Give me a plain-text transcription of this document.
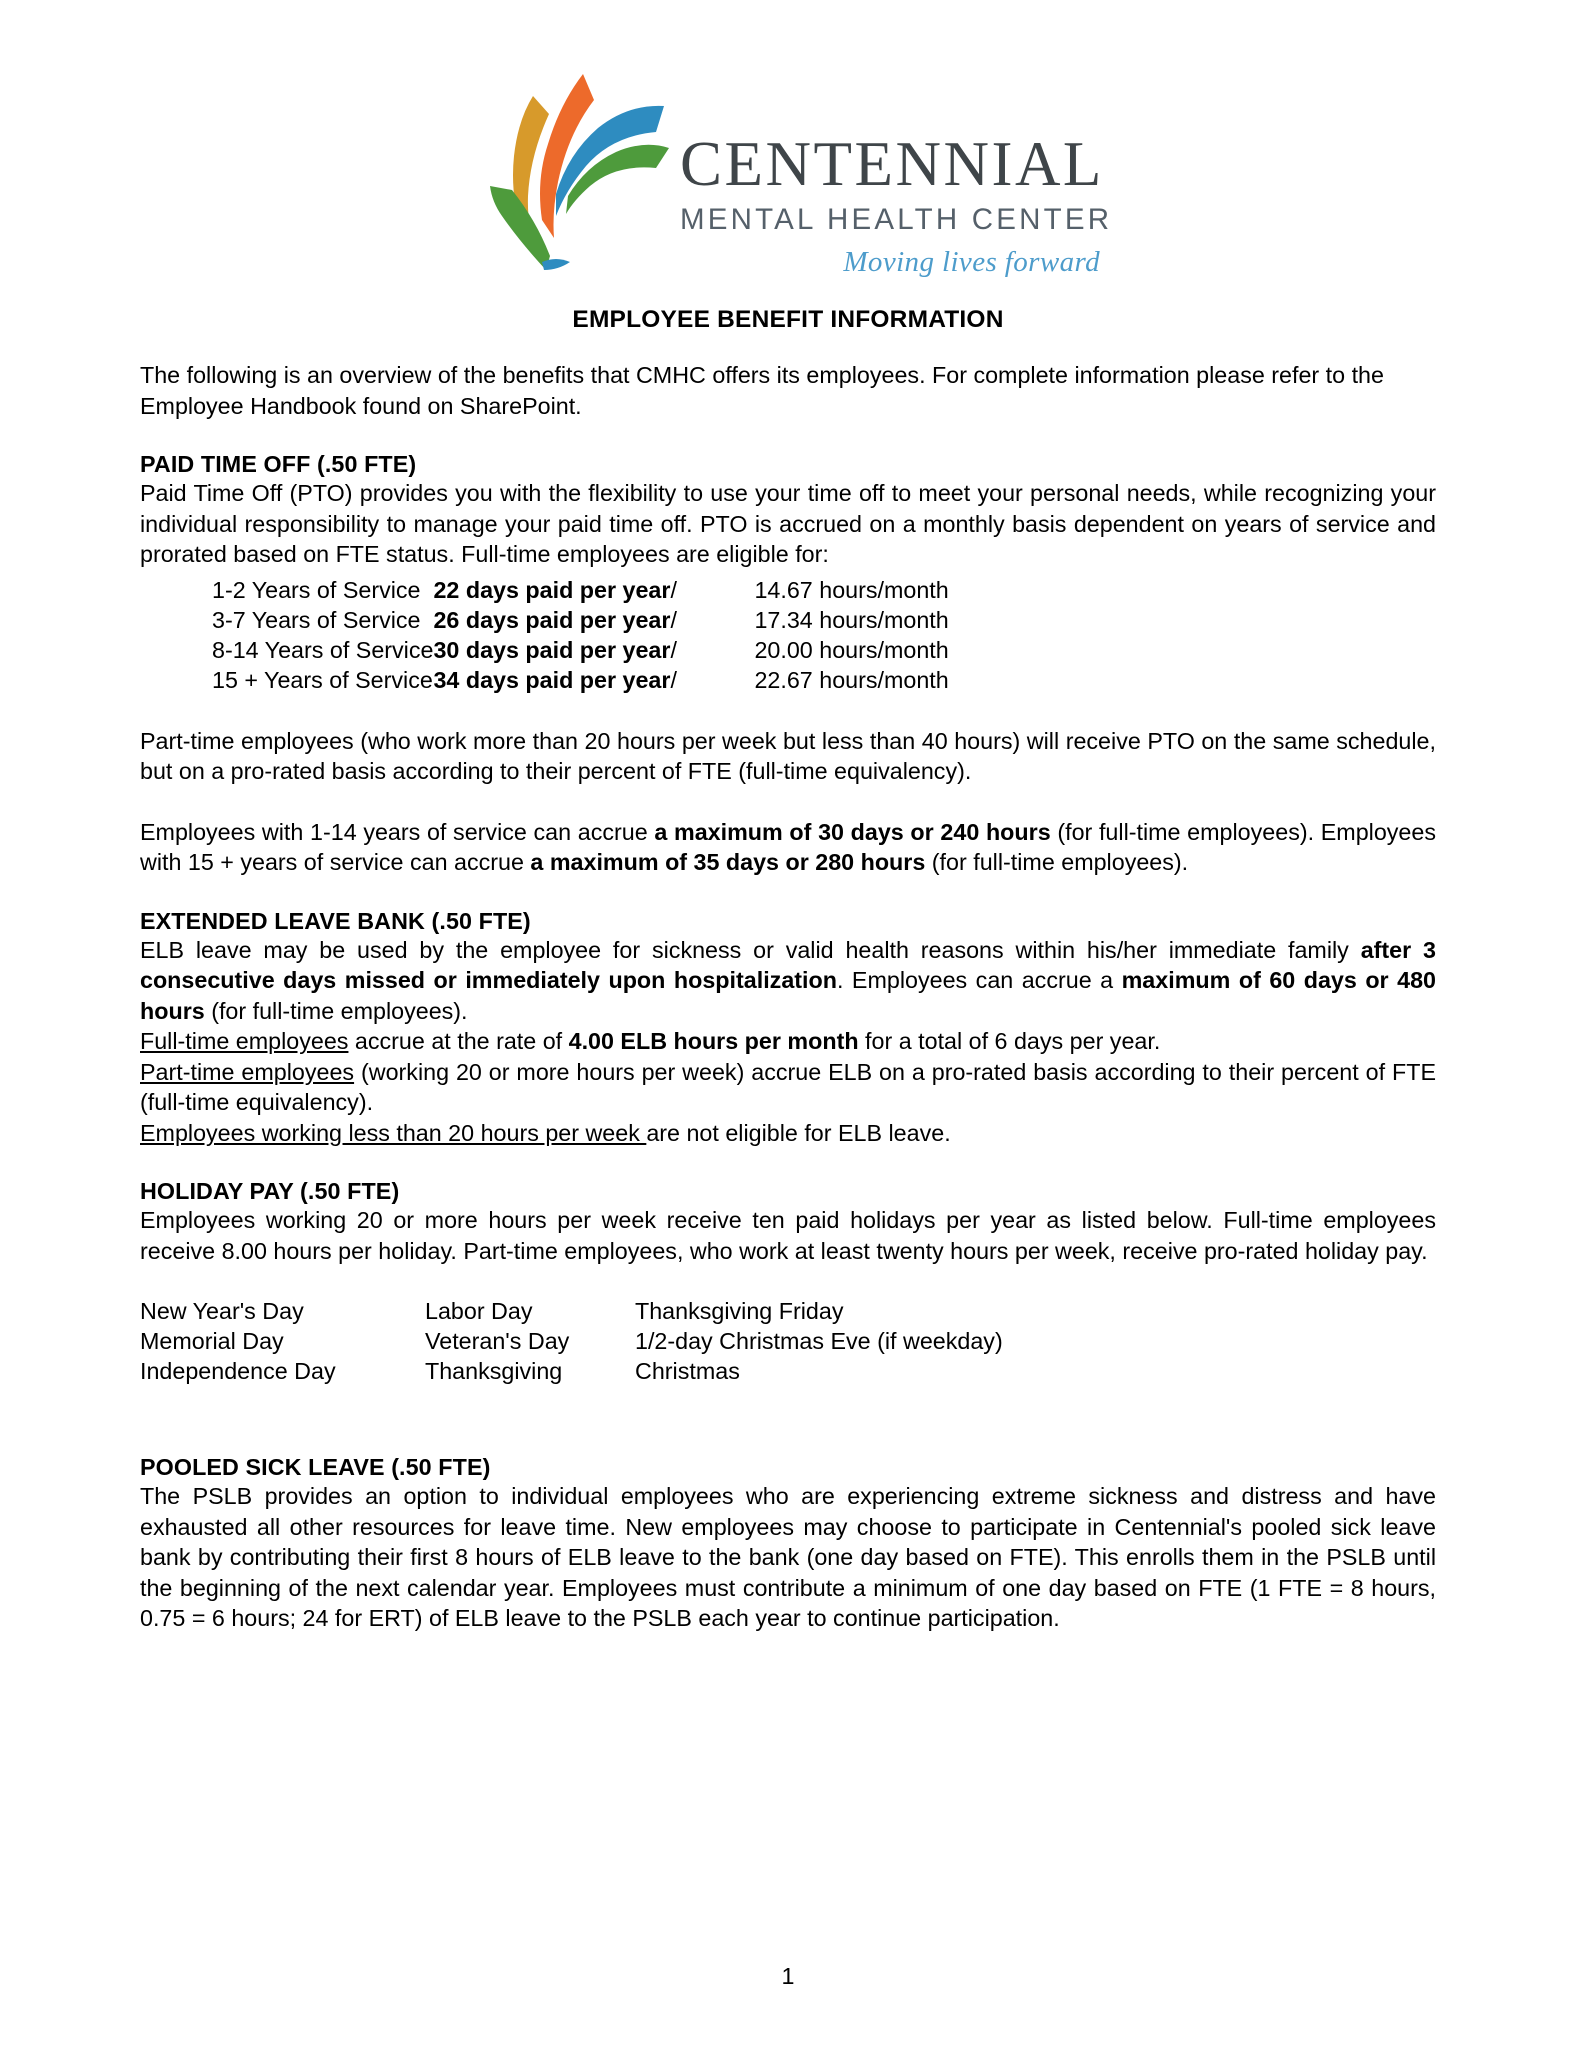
CENTENNIAL
MENTAL HEALTH CENTER
Moving lives forward
EMPLOYEE BENEFIT INFORMATION

The following is an overview of the benefits that CMHC offers its employees. For complete information please refer to the Employee Handbook found on SharePoint.

PAID TIME OFF (.50 FTE)

Paid Time Off (PTO) provides you with the flexibility to use your time off to meet your personal needs, while recognizing your individual responsibility to manage your paid time off. PTO is accrued on a monthly basis dependent on years of service and prorated based on FTE status. Full-time employees are eligible for:

1-2 Years of Service	22 days paid per year	/	14.67 hours/month
3-7 Years of Service	26 days paid per year	/	17.34 hours/month
8-14 Years of Service	30 days paid per year	/	20.00 hours/month
15 + Years of Service	34 days paid per year	/	22.67 hours/month

Part-time employees (who work more than 20 hours per week but less than 40 hours) will receive PTO on the same schedule, but on a pro-rated basis according to their percent of FTE (full-time equivalency).

Employees with 1-14 years of service can accrue a maximum of 30 days or 240 hours (for full-time employees). Employees with 15 + years of service can accrue a maximum of 35 days or 280 hours (for full-time employees).

EXTENDED LEAVE BANK (.50 FTE)

ELB leave may be used by the employee for sickness or valid health reasons within his/her immediate family after 3 consecutive days missed or immediately upon hospitalization. Employees can accrue a maximum of 60 days or 480 hours (for full-time employees).

Full-time employees accrue at the rate of 4.00 ELB hours per month for a total of 6 days per year.

Part-time employees (working 20 or more hours per week) accrue ELB on a pro-rated basis according to their percent of FTE (full-time equivalency).

Employees working less than 20 hours per week are not eligible for ELB leave.

HOLIDAY PAY (.50 FTE)

Employees working 20 or more hours per week receive ten paid holidays per year as listed below. Full-time employees receive 8.00 hours per holiday. Part-time employees, who work at least twenty hours per week, receive pro-rated holiday pay.

New Year's Day	Labor Day	Thanksgiving Friday
Memorial Day	Veteran's Day	1/2-day Christmas Eve (if weekday)
Independence Day	Thanksgiving	Christmas
POOLED SICK LEAVE (.50 FTE)

The PSLB provides an option to individual employees who are experiencing extreme sickness and distress and have exhausted all other resources for leave time. New employees may choose to participate in Centennial's pooled sick leave bank by contributing their first 8 hours of ELB leave to the bank (one day based on FTE). This enrolls them in the PSLB until the beginning of the next calendar year. Employees must contribute a minimum of one day based on FTE (1 FTE = 8 hours, 0.75 = 6 hours; 24 for ERT) of ELB leave to the PSLB each year to continue participation.

1
